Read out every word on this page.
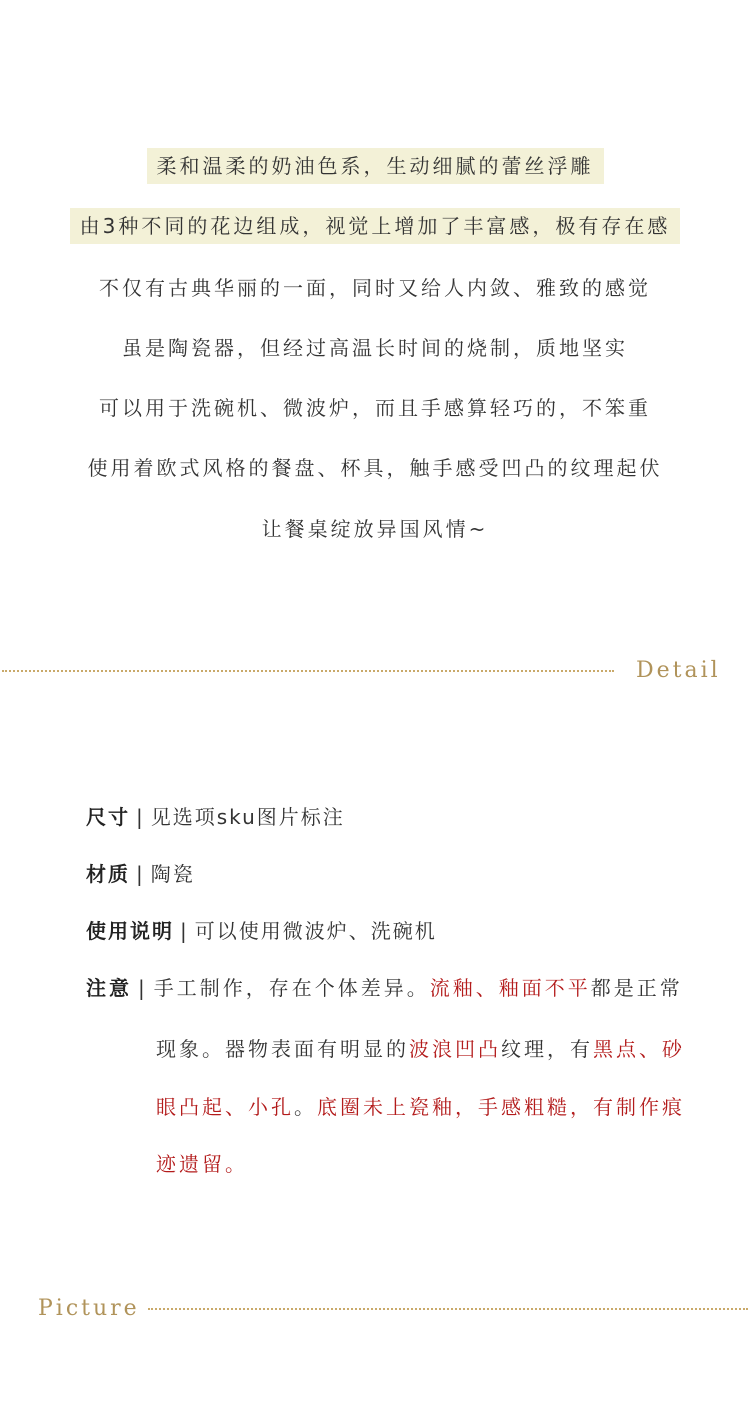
柔和温柔的奶油色系，生动细腻的蕾丝浮雕
由3种不同的花边组成，视觉上增加了丰富感，极有存在感
不仅有古典华丽的一面，同时又给人内敛、雅致的感觉
虽是陶瓷器，但经过高温长时间的烧制，质地坚实
可以用于洗碗机、微波炉，而且手感算轻巧的，不笨重
使用着欧式风格的餐盘、杯具，触手感受凹凸的纹理起伏
让餐桌绽放异国风情~
Detail
尺寸 | 见选项sku图片标注
材质 | 陶瓷
使用说明 | 可以使用微波炉、洗碗机
注意 | 手工制作，存在个体差异。流釉、釉面不平都是正常
现象。器物表面有明显的波浪凹凸纹理，有黑点、砂
眼凸起、小孔。底圈未上瓷釉，手感粗糙，有制作痕
迹遗留。
Picture
